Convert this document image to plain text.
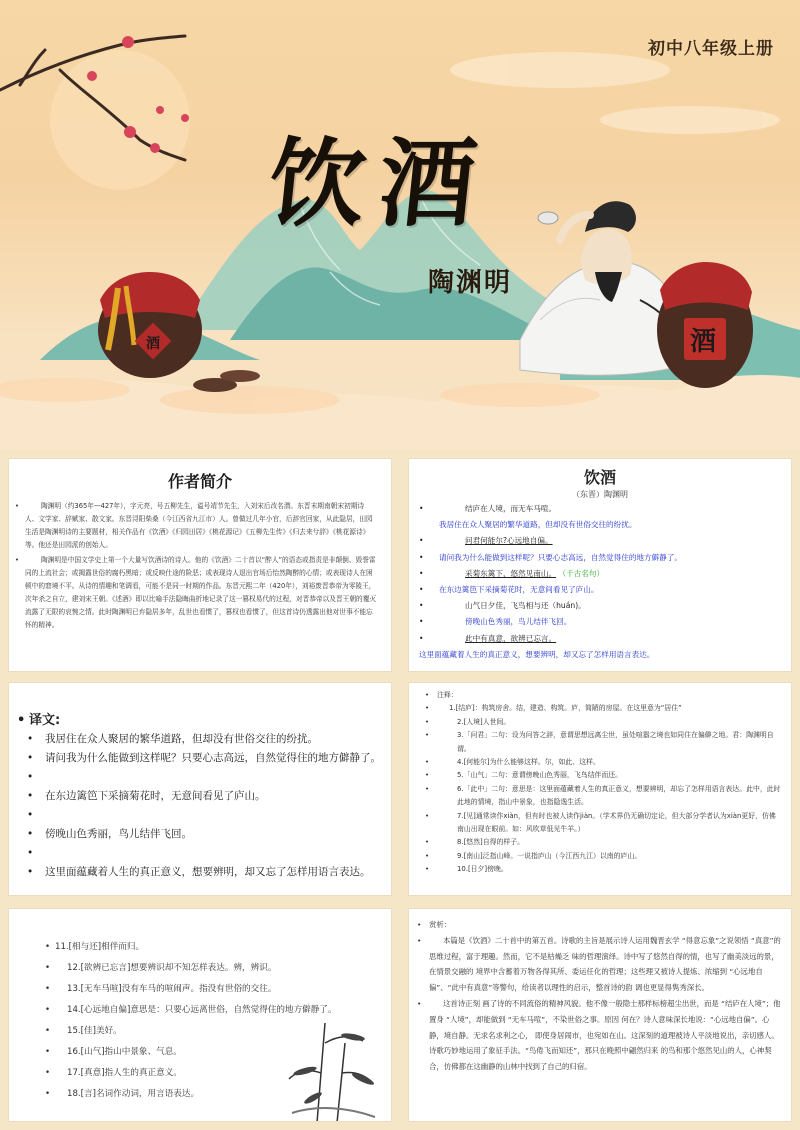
酒	酒
初中八年级上册
饮酒
陶渊明
作者简介

• 陶渊明（约365年—427年），字元亮，号五柳先生，谥号靖节先生，入刘宋后改名潜。东晋末期南朝宋初期诗人、文学家、辞赋家、散文家。东晋浔阳柴桑（今江西省九江市）人。曾做过几年小官，后辞官回家，从此隐居，田园生活是陶渊明诗的主要题材，相关作品有《饮酒》《归园田居》《桃花源记》《五柳先生传》《归去来兮辞》《桃花源诗》等。他还是田园派的创始人。

• 陶渊明是中国文学史上第一个大量写饮酒诗的诗人。他的《饮酒》二十首以“醉人”的语态或指责是非颠倒、毁誉雷同的上流社会；或揭露世俗的腐朽黑暗；或反映仕途的险恶；或表现诗人退出官场后怡然陶醉的心情；或表现诗人在困顿中的窘境不平。从诗的情趣和笔调看，可能不是同一时期的作品。东晋元熙二年（420年），刘裕废晋恭帝为零陵王，次年杀之自立，建刘宋王朝。《述酒》即以比喻手法隐晦曲折地记录了这一篡权易代的过程，对晋恭帝以及晋王朝的覆灭流露了无限的哀惋之情。此时陶渊明已弃隐居多年，乱世也看惯了，篡权也看惯了，但这首诗仍透露出他对世事不能忘怀的精神。

饮酒
（东晋）陶渊明
• 结庐在人境，而无车马喧。
我居住在众人聚居的繁华道路，但却没有世俗交往的纷扰。
• 问君何能尔?心远地自偏。
• 请问我为什么能做到这样呢？只要心志高远，自然觉得住的地方僻静了。
• 采菊东篱下，悠然见南山。 （千古名句）
• 在东边篱笆下采摘菊花时，无意间看见了庐山。
• 山气日夕佳，飞鸟相与还（huán)。
• 傍晚山色秀丽，鸟儿结伴飞回。
• 此中有真意，欲辨已忘言。
这里面蕴藏着人生的真正意义，想要辨明，却又忘了怎样用语言表达。
• 译文:
• 我居住在众人聚居的繁华道路，但却没有世俗交往的纷扰。
• 请问我为什么能做到这样呢？只要心志高远，自然觉得住的地方僻静了。
•
• 在东边篱笆下采摘菊花时，无意间看见了庐山。
•
• 傍晚山色秀丽，鸟儿结伴飞回。
•
• 这里面蕴藏着人生的真正意义，想要辨明，却又忘了怎样用语言表达。
• 注释：
• 1.[结庐]：构筑房舍。结，建造、构筑。庐，简陋的房屋。在这里意为“居住”
• 2.[人境]人世间。
• 3.「问君」二句：设为问答之辞，意谓思想远离尘世，虽处喧嚣之境也如同住在偏僻之地。君：陶渊明自谓。
• 4.[何能尔]为什么能够这样。尔，如此、这样。
• 5.「山气」二句：意谓傍晚山色秀丽，飞鸟结伴而还。
• 6.「此中」二句：意思是：这里面蕴藏着人生的真正意义，想要辨明，却忘了怎样用语言表达。此中，此时此地的情境，指山中景象，也指隐逸生活。
• 7.[见]通常读作xiàn，但有时也被人读作jiàn。（学术界仍无确切定论，但大部分学者认为xiàn更好，仿佛南山出现在眼前。如：风吹草低见牛羊。）
• 8.[悠然]自得的样子。
• 9.[南山]泛指山峰。一说指庐山（今江西九江）以南的庐山。
• 10.[日夕]傍晚。
• 11.[相与还]相伴而归。
• 12.[欲辨已忘言]想要辨识却不知怎样表达。辨，辨识。
• 13.[无车马喧]没有车马的喧闹声。指没有世俗的交往。
• 14.[心远地自偏]意思是：只要心远离世俗，自然觉得住的地方僻静了。
• 15.[佳]美好。
• 16.[山气]指山中景象、气息。
• 17.[真意]指人生的真正意义。
• 18.[言]名词作动词，用言语表达。
• 赏析：

• 本篇是《饮酒》二十首中的第五首。诗歌的主旨是展示诗人运用魏晋玄学 “得意忘象”之说领悟 “真意”的思维过程，富于理趣。然而，它不是枯燥乏 味的哲理演绎。诗中写了悠然自得的情，也写了幽美淡远的景，在情景交融的 境界中含蓄着万物各得其所、委运任化的哲理；这些理又被诗人提炼、浓缩到 “心远地自偏”、“此中有真意”等警句，给读者以理性的启示，整首诗的韵 调也更显得隽秀深长。

• 这首诗正刻 画了诗的不同流俗的精神风貌。他不像一般隐士那样标榜超尘出世，而是 “结庐在人境”；他置身 “人境”，却能做到 “无车马喧”，不染世俗之事。原因 何在？诗人意味深长地说：“心远地自偏”。心静，境自静。无求名求利之心， 即使身居闹市，也宛如在山。这深刻的道理被诗人平淡地说出，亲切感人。 诗歌巧妙地运用了象征手法。“鸟倦飞而知还”，那只在晚照中翩然归来 的鸟和那个悠然见山的人，心神契合，仿佛都在这幽静的山林中找到了自己的归宿。
